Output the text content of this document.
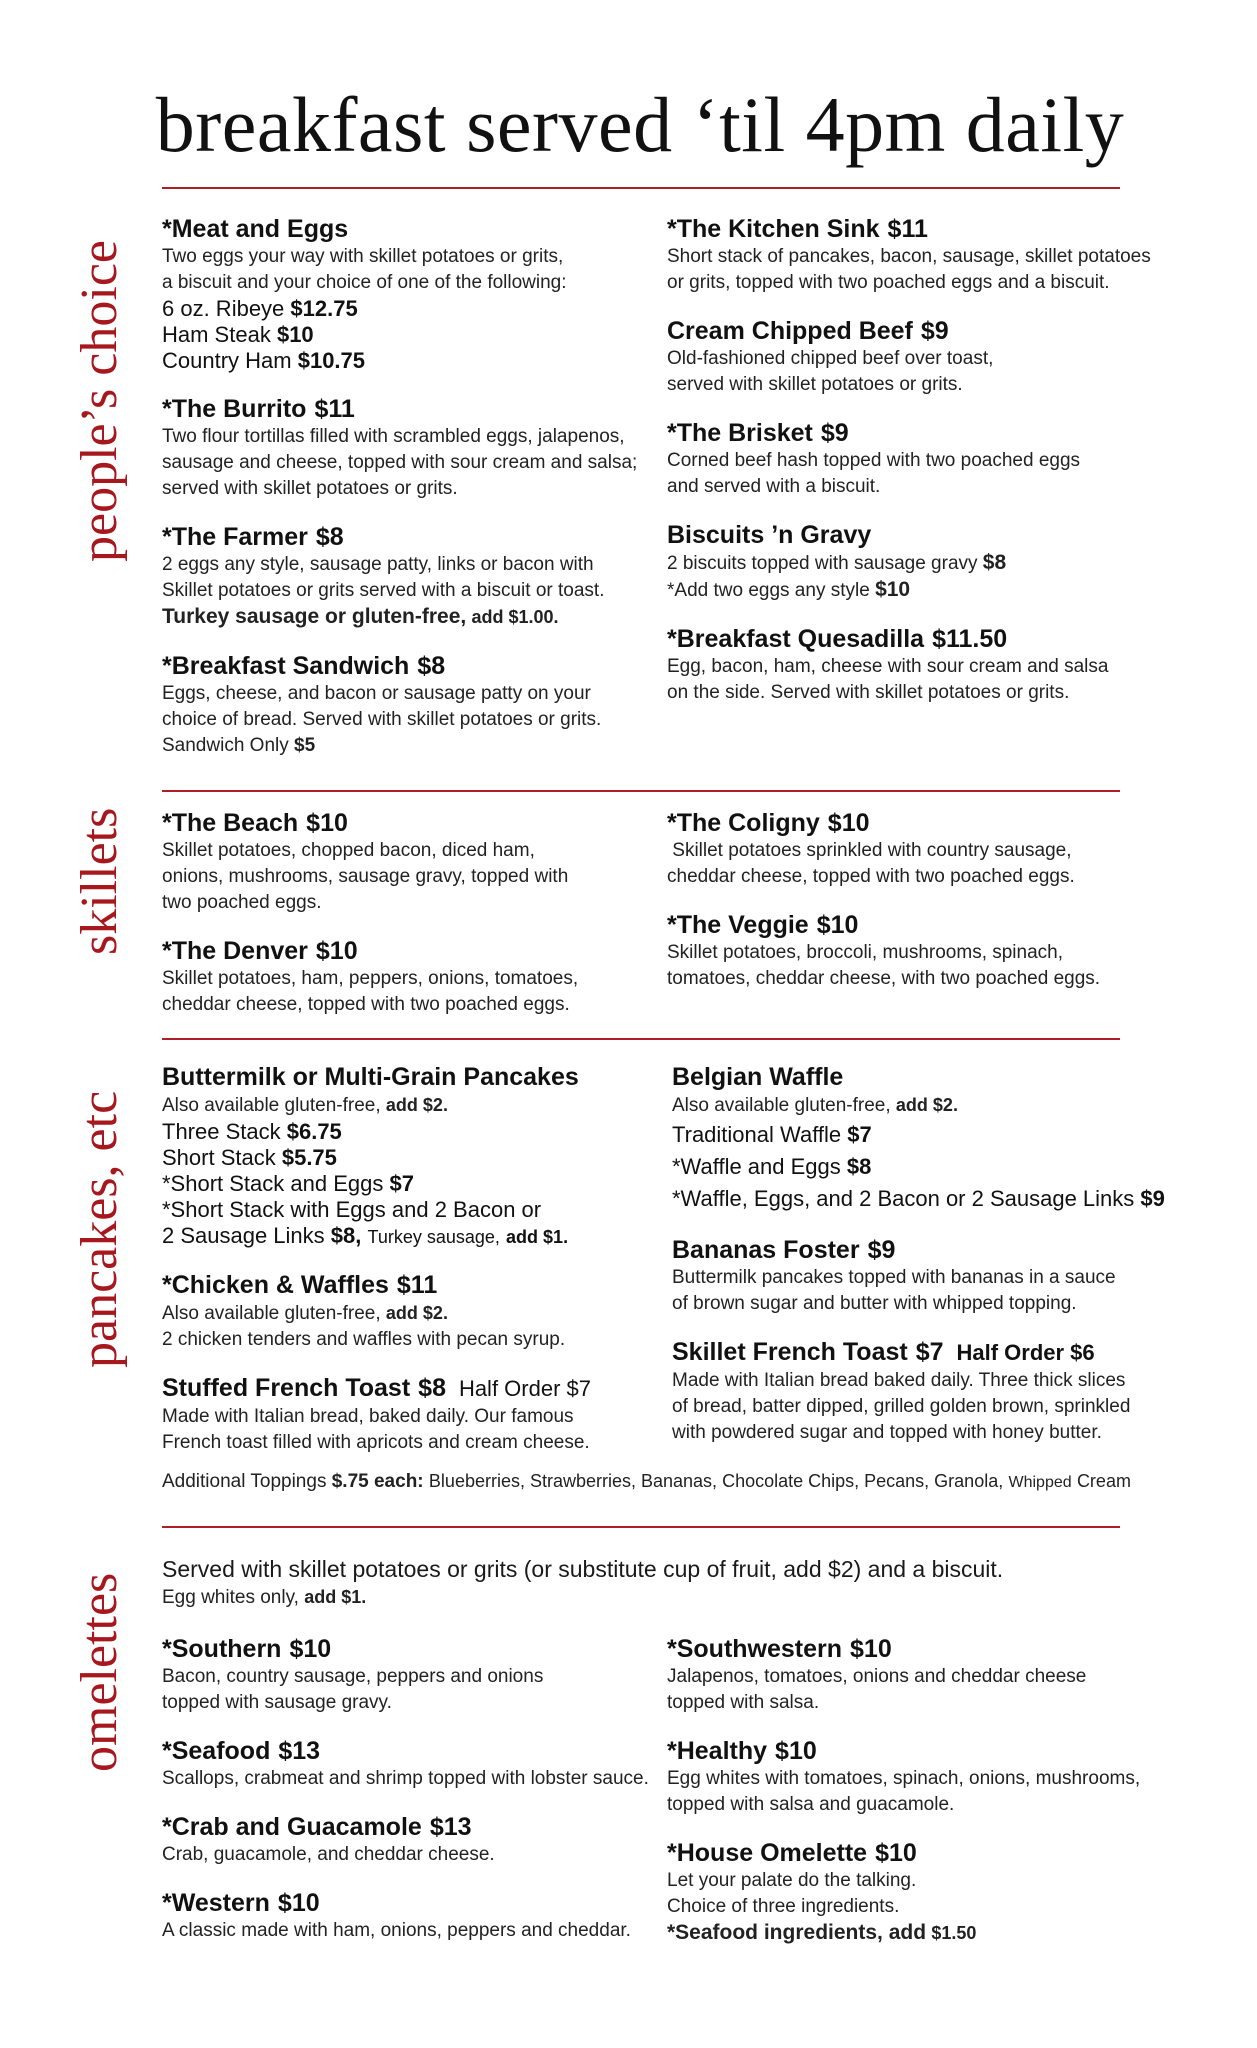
breakfast served ‘til 4pm daily
people’s choice
*Meat and Eggs
Two eggs your way with skillet potatoes or grits,
a biscuit and your choice of one of the following:
6 oz. Ribeye $12.75
Ham Steak $10
Country Ham $10.75
*The Burrito $11
Two flour tortillas filled with scrambled eggs, jalapenos,
sausage and cheese, topped with sour cream and salsa;
served with skillet potatoes or grits.
*The Farmer $8
2 eggs any style, sausage patty, links or bacon with
Skillet potatoes or grits served with a biscuit or toast.
Turkey sausage or gluten-free, add $1.00.
*Breakfast Sandwich $8
Eggs, cheese, and bacon or sausage patty on your
choice of bread. Served with skillet potatoes or grits.
Sandwich Only $5
*The Kitchen Sink $11
Short stack of pancakes, bacon, sausage, skillet potatoes
or grits, topped with two poached eggs and a biscuit.
Cream Chipped Beef $9
Old-fashioned chipped beef over toast,
served with skillet potatoes or grits.
*The Brisket $9
Corned beef hash topped with two poached eggs
and served with a biscuit.
Biscuits ’n Gravy
2 biscuits topped with sausage gravy $8
*Add two eggs any style $10
*Breakfast Quesadilla $11.50
Egg, bacon, ham, cheese with sour cream and salsa
on the side. Served with skillet potatoes or grits.
skillets *The Beach $10
Skillet potatoes, chopped bacon, diced ham,
onions, mushrooms, sausage gravy, topped with
two poached eggs.
*The Denver $10
Skillet potatoes, ham, peppers, onions, tomatoes,
cheddar cheese, topped with two poached eggs.
*The Coligny $10
Skillet potatoes sprinkled with country sausage,
cheddar cheese, topped with two poached eggs.
*The Veggie $10
Skillet potatoes, broccoli, mushrooms, spinach,
tomatoes, cheddar cheese, with two poached eggs.
pancakes, etc
Buttermilk or Multi-Grain Pancakes
Also available gluten-free, add $2.
Three Stack $6.75
Short Stack $5.75
*Short Stack and Eggs $7
*Short Stack with Eggs and 2 Bacon or
2 Sausage Links $8, Turkey sausage, add $1.
*Chicken & Waffles $11
Also available gluten-free, add $2.
2 chicken tenders and waffles with pecan syrup.
Stuffed French Toast $8 Half Order $7
Made with Italian bread, baked daily. Our famous
French toast filled with apricots and cream cheese.
Belgian Waffle
Also available gluten-free, add $2.
Traditional Waffle $7
*Waffle and Eggs $8
*Waffle, Eggs, and 2 Bacon or 2 Sausage Links $9
Bananas Foster $9
Buttermilk pancakes topped with bananas in a sauce
of brown sugar and butter with whipped topping.
Skillet French Toast $7 Half Order $6
Made with Italian bread baked daily. Three thick slices
of bread, batter dipped, grilled golden brown, sprinkled
with powdered sugar and topped with honey butter.
Additional Toppings $.75 each: Blueberries, Strawberries, Bananas, Chocolate Chips, Pecans, Granola, Whipped Cream
omelettes
Served with skillet potatoes or grits (or substitute cup of fruit, add $2) and a biscuit.
Egg whites only, add $1.
*Southern $10
Bacon, country sausage, peppers and onions
topped with sausage gravy.
*Seafood $13
Scallops, crabmeat and shrimp topped with lobster sauce.
*Crab and Guacamole $13
Crab, guacamole, and cheddar cheese.
*Western $10
A classic made with ham, onions, peppers and cheddar.
*Southwestern $10
Jalapenos, tomatoes, onions and cheddar cheese
topped with salsa.
*Healthy $10
Egg whites with tomatoes, spinach, onions, mushrooms,
topped with salsa and guacamole.
*House Omelette $10
Let your palate do the talking.
Choice of three ingredients.
*Seafood ingredients, add $1.50
